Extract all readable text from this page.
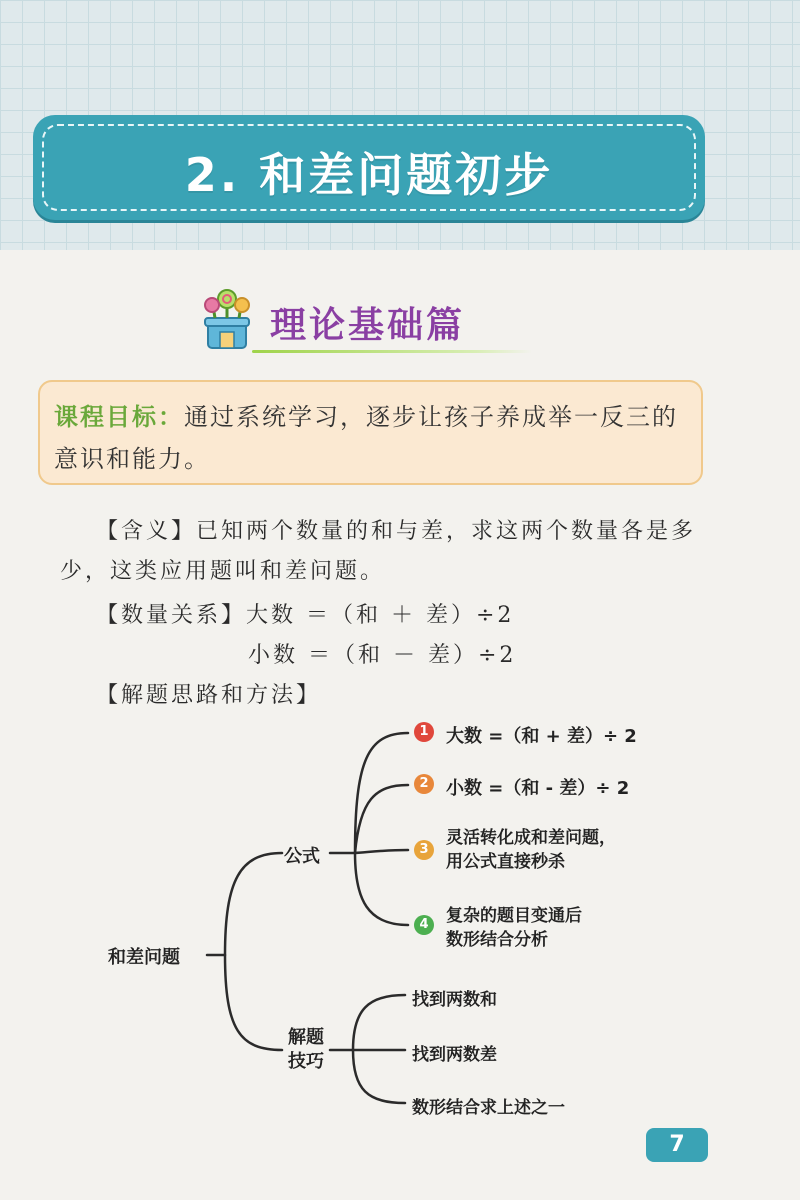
2. 和差问题初步
理论基础篇
课程目标：通过系统学习，逐步让孩子养成举一反三的意识和能力。
【含义】已知两个数量的和与差，求这两个数量各是多少，这类应用题叫和差问题。
【数量关系】大数 ＝（和 ＋ 差）÷2
小数 ＝（和 － 差）÷2
【解题思路和方法】
和差问题
公式
解题
技巧
1 大数 =（和 + 差）÷ 2
2 小数 =（和 - 差）÷ 2
3
灵活转化成和差问题，
用公式直接秒杀
4	复杂的题目变通后
数形结合分析
找到两数和
找到两数差
数形结合求上述之一
7
